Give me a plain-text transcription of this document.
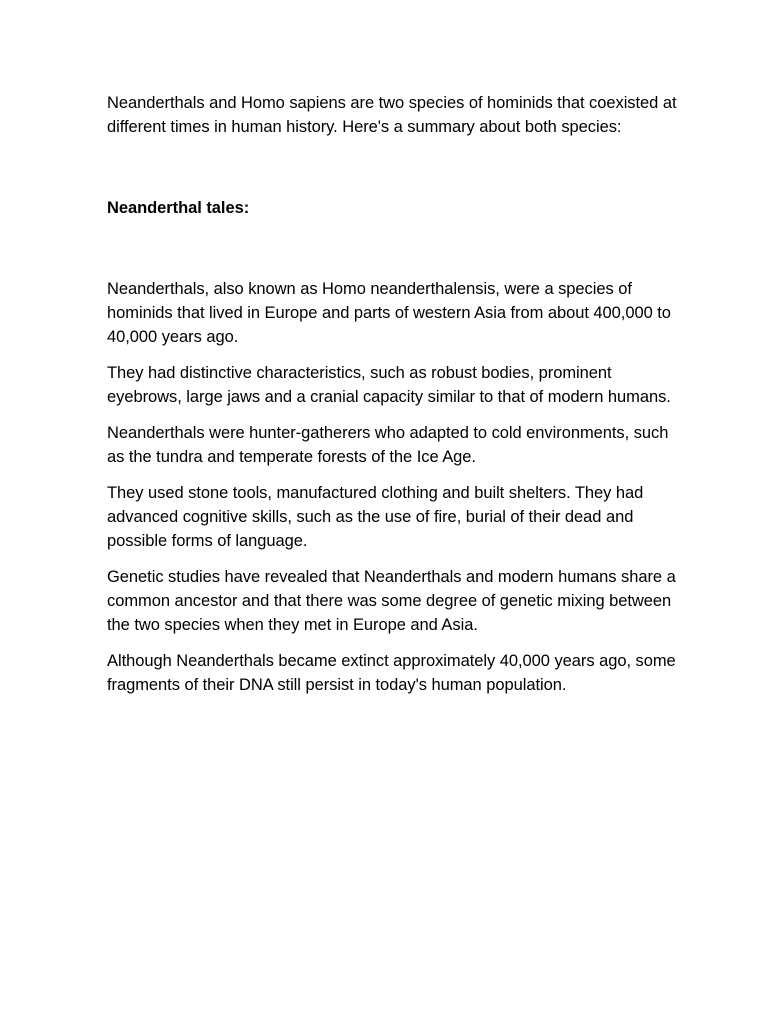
Neanderthals and Homo sapiens are two species of hominids that coexisted at different times in human history. Here's a summary about both species:

Neanderthal tales:

Neanderthals, also known as Homo neanderthalensis, were a species of hominids that lived in Europe and parts of western Asia from about 400,000 to 40,000 years ago.

They had distinctive characteristics, such as robust bodies, prominent eyebrows, large jaws and a cranial capacity similar to that of modern humans.

Neanderthals were hunter-gatherers who adapted to cold environments, such as the tundra and temperate forests of the Ice Age.

They used stone tools, manufactured clothing and built shelters. They had advanced cognitive skills, such as the use of fire, burial of their dead and possible forms of language.

Genetic studies have revealed that Neanderthals and modern humans share a common ancestor and that there was some degree of genetic mixing between the two species when they met in Europe and Asia.

Although Neanderthals became extinct approximately 40,000 years ago, some fragments of their DNA still persist in today's human population.
